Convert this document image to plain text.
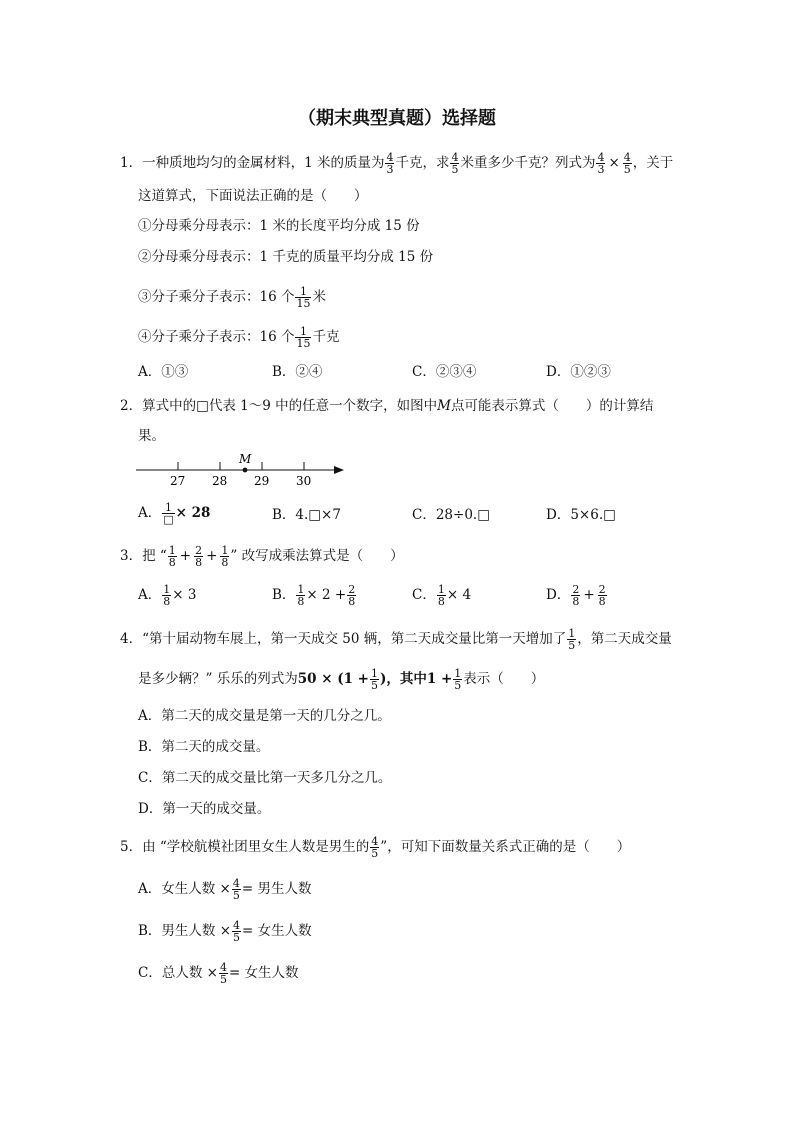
（期末典型真题）选择题
1．一种质地均匀的金属材料，1 米的质量为 $\frac{4}{3}$ 千克，求 $\frac{4}{5}$ 米重多少千克？列式为 $\frac{4}{3} \times \frac{4}{5}$ ，关于
这道算式，下面说法正确的是（　　）
①分母乘分母表示：1 米的长度平均分成 15 份
②分母乘分母表示：1 千克的质量平均分成 15 份
③分子乘分子表示：16 个 $\frac{1}{15}$ 米
④分子乘分子表示：16 个 $\frac{1}{15}$ 千克
A．①③	B．②④	C．②③④	D．①②③
2．算式中的□代表 1～9 中的任意一个数字，如图中M点可能表示算式（　　）的计算结
果。
M
27 28 29 30
A． $\frac{1}{□} \times 28$	B．4.□×7	C．28÷0.□	D．5×6.□
3．把 “ $\frac{1}{8} + \frac{2}{8} + \frac{1}{8}$ ” 改写成乘法算式是（　　）
A． $\frac{1}{8} \times 3$	B． $\frac{1}{8} \times 2 + \frac{2}{8}$	C． $\frac{1}{8} \times 4$	D． $\frac{2}{8} + \frac{2}{8}$
4．“第十届动物车展上，第一天成交 50 辆，第二天成交量比第一天增加了 $\frac{1}{5}$ ，第二天成交量
是多少辆？” 乐乐的列式为$50 \times (1 + \frac{1}{5}$ )，其中$1 + \frac{1}{5}$ 表示（　　）
A．第二天的成交量是第一天的几分之几。
B．第二天的成交量。
C．第二天的成交量比第一天多几分之几。
D．第一天的成交量。
5．由 “学校航模社团里女生人数是男生的 $\frac{4}{5}$ ”，可知下面数量关系式正确的是（　　）
A．女生人数 × $\frac{4}{5}$ = 男生人数
B．男生人数 × $\frac{4}{5}$ = 女生人数
C．总人数 × $\frac{4}{5}$ = 女生人数
